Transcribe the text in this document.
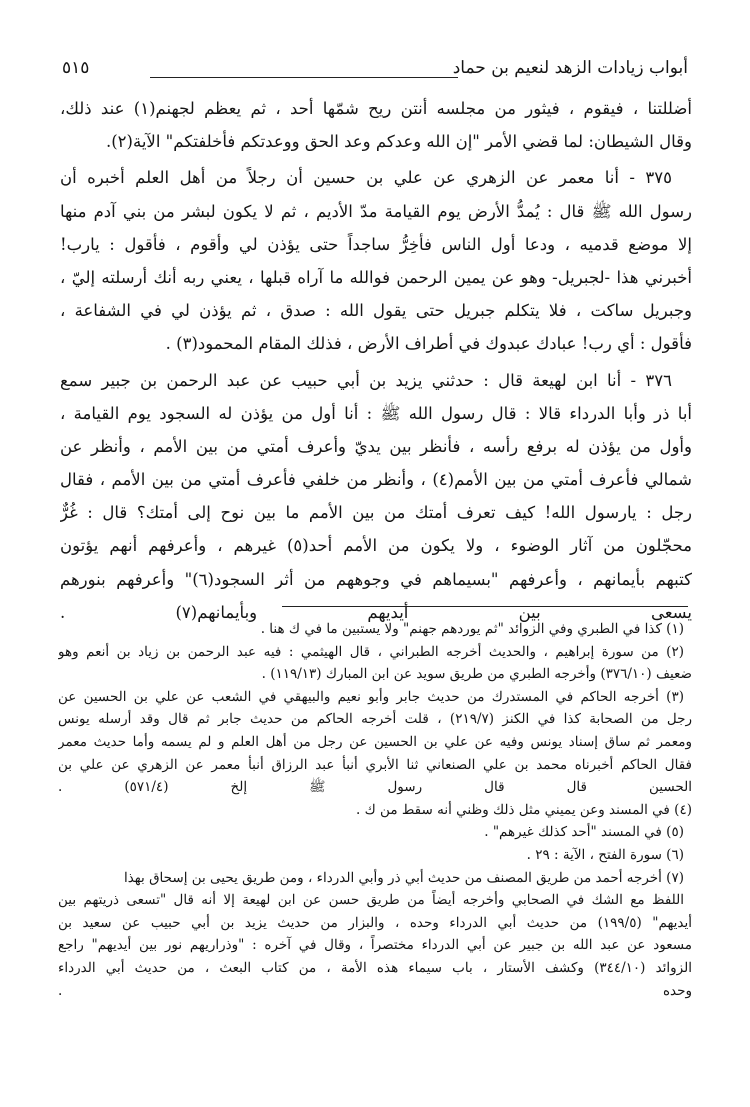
أبواب زيادات الزهد لنعيم بن حماد
٥١٥
أضللتنا ، فيقوم ، فيثور من مجلسه أنتن ريح شمّها أحد ، ثم يعظم لجهنم(١) عند ذلك،
وقال الشيطان: لما قضي الأمر "إن الله وعدكم وعد الحق ووعدتكم فأخلفتكم" الآية(٢).
٣٧٥ - أنا معمر عن الزهري عن علي بن حسين أن رجلاً من أهل العلم أخبره أن
رسول الله ﷺ قال : يُمدُّ الأرض يوم القيامة مدّ الأديم ، ثم لا يكون لبشر من بني آدم منها
إلا موضع قدميه ، ودعا أول الناس فأخِرُّ ساجداً حتى يؤذن لي وأقوم ، فأقول : يارب!
أخبرني هذا -لجبريل- وهو عن يمين الرحمن فوالله ما آراه قبلها ، يعني ربه أنك أرسلته إليّ ،
وجبريل ساكت ، فلا يتكلم جبريل حتى يقول الله : صدق ، ثم يؤذن لي في الشفاعة ،
فأقول : أي رب! عبادك عبدوك في أطراف الأرض ، فذلك المقام المحمود(٣) .
٣٧٦ - أنا ابن لهيعة قال : حدثني يزيد بن أبي حبيب عن عبد الرحمن بن جبير سمع
أبا ذر وأبا الدرداء قالا : قال رسول الله ﷺ : أنا أول من يؤذن له السجود يوم القيامة ،
وأول من يؤذن له برفع رأسه ، فأنظر بين يديّ وأعرف أمتي من بين الأمم ، وأنظر عن
شمالي فأعرف أمتي من بين الأمم(٤) ، وأنظر من خلفي فأعرف أمتي من بين الأمم ، فقال
رجل : يارسول الله! كيف تعرف أمتك من بين الأمم ما بين نوح إلى أمتك؟ قال : غُرٌّ
محجّلون من آثار الوضوء ، ولا يكون من الأمم أحد(٥) غيرهم ، وأعرفهم أنهم يؤتون
كتبهم بأيمانهم ، وأعرفهم "بسيماهم في وجوههم من أثر السجود(٦)" وأعرفهم بنورهم
يسعى بين أيديهم وبأيمانهم(٧) .
(١) كذا في الطبري وفي الزوائد "ثم يوردهم جهنم" ولا يستبين ما في ك هنا .
(٢) من سورة إبراهيم ، والحديث أخرجه الطبراني ، قال الهيثمي : فيه عبد الرحمن بن زياد بن أنعم وهو
ضعيف (٣٧٦/١٠) وأخرجه الطبري من طريق سويد عن ابن المبارك (١١٩/١٣) .
(٣) أخرجه الحاكم في المستدرك من حديث جابر وأبو نعيم والبيهقي في الشعب عن علي بن الحسين عن
رجل من الصحابة كذا في الكنز (٢١٩/٧) ، قلت أخرجه الحاكم من حديث جابر ثم قال وقد أرسله يونس
ومعمر ثم ساق إسناد يونس وفيه عن علي بن الحسين عن رجل من أهل العلم و لم يسمه وأما حديث معمر
فقال الحاكم أخبرناه محمد بن علي الصنعاني ثنا الأبري أنبأ عبد الرزاق أنبأ معمر عن الزهري عن علي بن
الحسين قال قال رسول ﷺ إلخ (٥٧١/٤) .
(٤) في المسند وعن يميني مثل ذلك وظني أنه سقط من ك .
(٥) في المسند "أحد كذلك غيرهم" .
(٦) سورة الفتح ، الآية : ٢٩ .
(٧) أخرجه أحمد من طريق المصنف من حديث أبي ذر وأبي الدرداء ، ومن طريق يحيى بن إسحاق بهذا
اللفظ مع الشك في الصحابي وأخرجه أيضاً من طريق حسن عن ابن لهيعة إلا أنه قال "تسعى ذريتهم بين
أيديهم" (١٩٩/٥) من حديث أبي الدرداء وحده ، والبزار من حديث يزيد بن أبي حبيب عن سعيد بن
مسعود عن عبد الله بن جبير عن أبي الدرداء مختصراً ، وقال في آخره : "وذراريهم نور بين أيديهم" راجع
الزوائد (٣٤٤/١٠) وكشف الأستار ، باب سيماء هذه الأمة ، من كتاب البعث ، من حديث أبي الدرداء
وحده .
